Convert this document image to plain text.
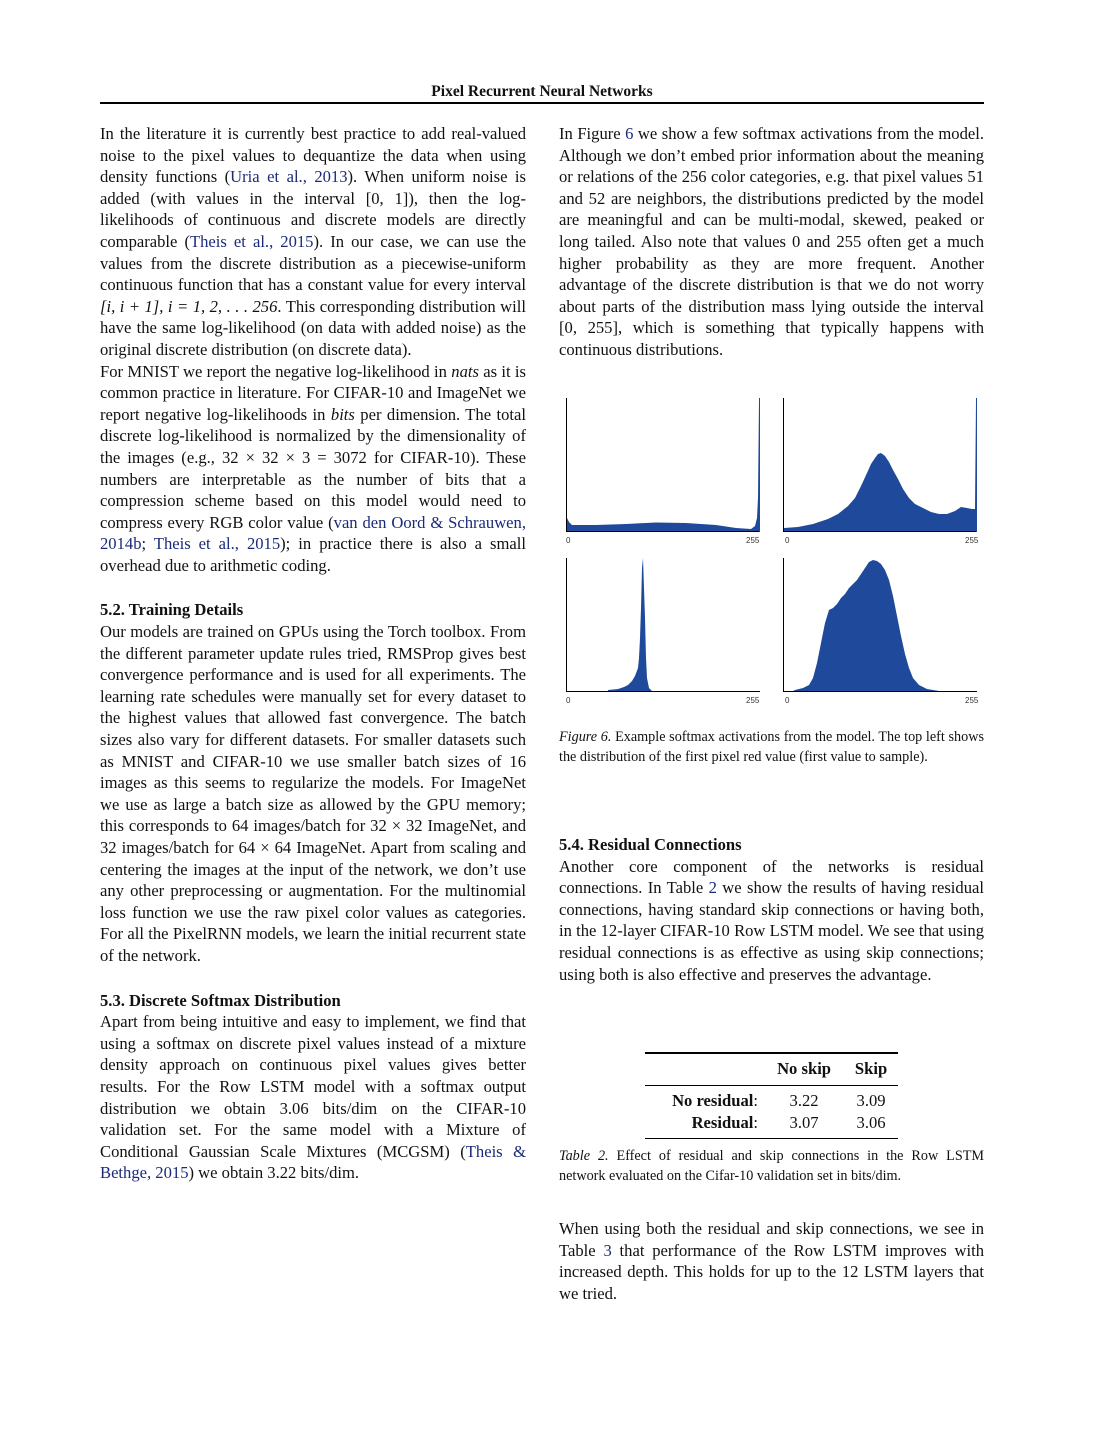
Pixel Recurrent Neural Networks

In the literature it is currently best practice to add real-valued noise to the pixel values to dequantize the data when using density functions (Uria et al., 2013). When uniform noise is added (with values in the interval [0, 1]), then the log-likelihoods of continuous and discrete models are directly comparable (Theis et al., 2015). In our case, we can use the values from the discrete distribution as a piecewise-uniform continuous function that has a constant value for every interval [i, i + 1], i = 1, 2, . . . 256. This corresponding distribution will have the same log-likelihood (on data with added noise) as the original discrete distribution (on discrete data).

For MNIST we report the negative log-likelihood in nats as it is common practice in literature. For CIFAR-10 and ImageNet we report negative log-likelihoods in bits per dimension. The total discrete log-likelihood is normalized by the dimensionality of the images (e.g., 32 × 32 × 3 = 3072 for CIFAR-10). These numbers are interpretable as the number of bits that a compression scheme based on this model would need to compress every RGB color value (van den Oord & Schrauwen, 2014b; Theis et al., 2015); in practice there is also a small overhead due to arithmetic coding.

5.2. Training Details

Our models are trained on GPUs using the Torch toolbox. From the different parameter update rules tried, RMSProp gives best convergence performance and is used for all experiments. The learning rate schedules were manually set for every dataset to the highest values that allowed fast convergence. The batch sizes also vary for different datasets. For smaller datasets such as MNIST and CIFAR-10 we use smaller batch sizes of 16 images as this seems to regularize the models. For ImageNet we use as large a batch size as allowed by the GPU memory; this corresponds to 64 images/batch for 32 × 32 ImageNet, and 32 images/batch for 64 × 64 ImageNet. Apart from scaling and centering the images at the input of the network, we don’t use any other preprocessing or augmentation. For the multinomial loss function we use the raw pixel color values as categories. For all the PixelRNN models, we learn the initial recurrent state of the network.

5.3. Discrete Softmax Distribution

Apart from being intuitive and easy to implement, we find that using a softmax on discrete pixel values instead of a mixture density approach on continuous pixel values gives better results. For the Row LSTM model with a softmax output distribution we obtain 3.06 bits/dim on the CIFAR-10 validation set. For the same model with a Mixture of Conditional Gaussian Scale Mixtures (MCGSM) (Theis & Bethge, 2015) we obtain 3.22 bits/dim.

In Figure 6 we show a few softmax activations from the model. Although we don’t embed prior information about the meaning or relations of the 256 color categories, e.g. that pixel values 51 and 52 are neighbors, the distributions predicted by the model are meaningful and can be multi-modal, skewed, peaked or long tailed. Also note that values 0 and 255 often get a much higher probability as they are more frequent. Another advantage of the discrete distribution is that we do not worry about parts of the distribution mass lying outside the interval [0, 255], which is something that typically happens with continuous distributions.

0	255	0	255
0	255	0	255
Figure 6. Example softmax activations from the model. The top left shows the distribution of the first pixel red value (first value to sample).
5.4. Residual Connections

Another core component of the networks is residual connections. In Table 2 we show the results of having residual connections, having standard skip connections or having both, in the 12-layer CIFAR-10 Row LSTM model. We see that using residual connections is as effective as using skip connections; using both is also effective and preserves the advantage.

	No skip	Skip
No residual:	3.22	3.09
Residual:	3.07	3.06
Table 2. Effect of residual and skip connections in the Row LSTM network evaluated on the Cifar-10 validation set in bits/dim.

When using both the residual and skip connections, we see in Table 3 that performance of the Row LSTM improves with increased depth. This holds for up to the 12 LSTM layers that we tried.
